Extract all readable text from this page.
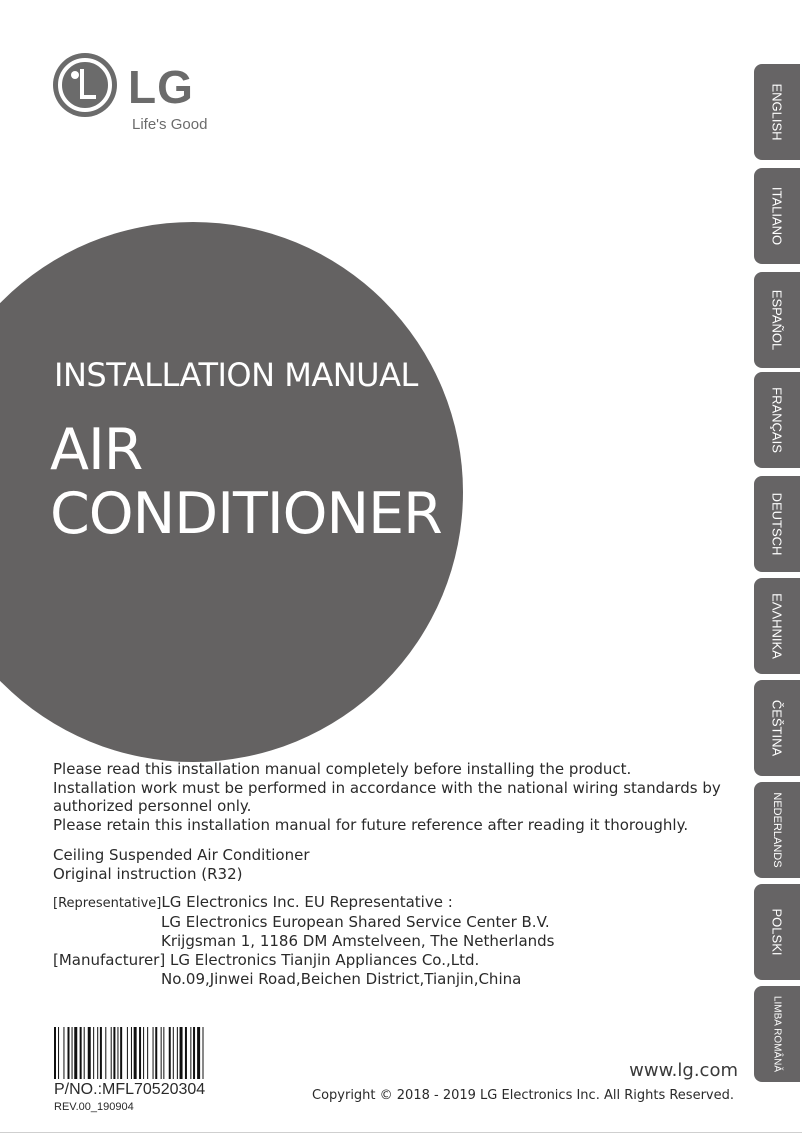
LG
Life's Good
INSTALLATION MANUAL
AIR
CONDITIONER
ENGLISH
ITALIANO
ESPAÑOL
FRANÇAIS
DEUTSCH
ΕΛΛΗΝΙΚΑ
ČEŠTINA
NEDERLANDS
POLSKI
LIMBA ROMÂNĂ

Please read this installation manual completely before installing the product.

Installation work must be performed in accordance with the national wiring standards by authorized personnel only.

Please retain this installation manual for future reference after reading it thoroughly.

Ceiling Suspended Air Conditioner

Original instruction (R32)

[Representative]LG Electronics Inc. EU Representative :

LG Electronics European Shared Service Center B.V.

Krijgsman 1, 1186 DM Amstelveen, The Netherlands

[Manufacturer] LG Electronics Tianjin Appliances Co.,Ltd.

No.09,Jinwei Road,Beichen District,Tianjin,China

P/NO.:MFL70520304
REV.00_190904
www.lg.com
Copyright © 2018 - 2019 LG Electronics Inc. All Rights Reserved.
